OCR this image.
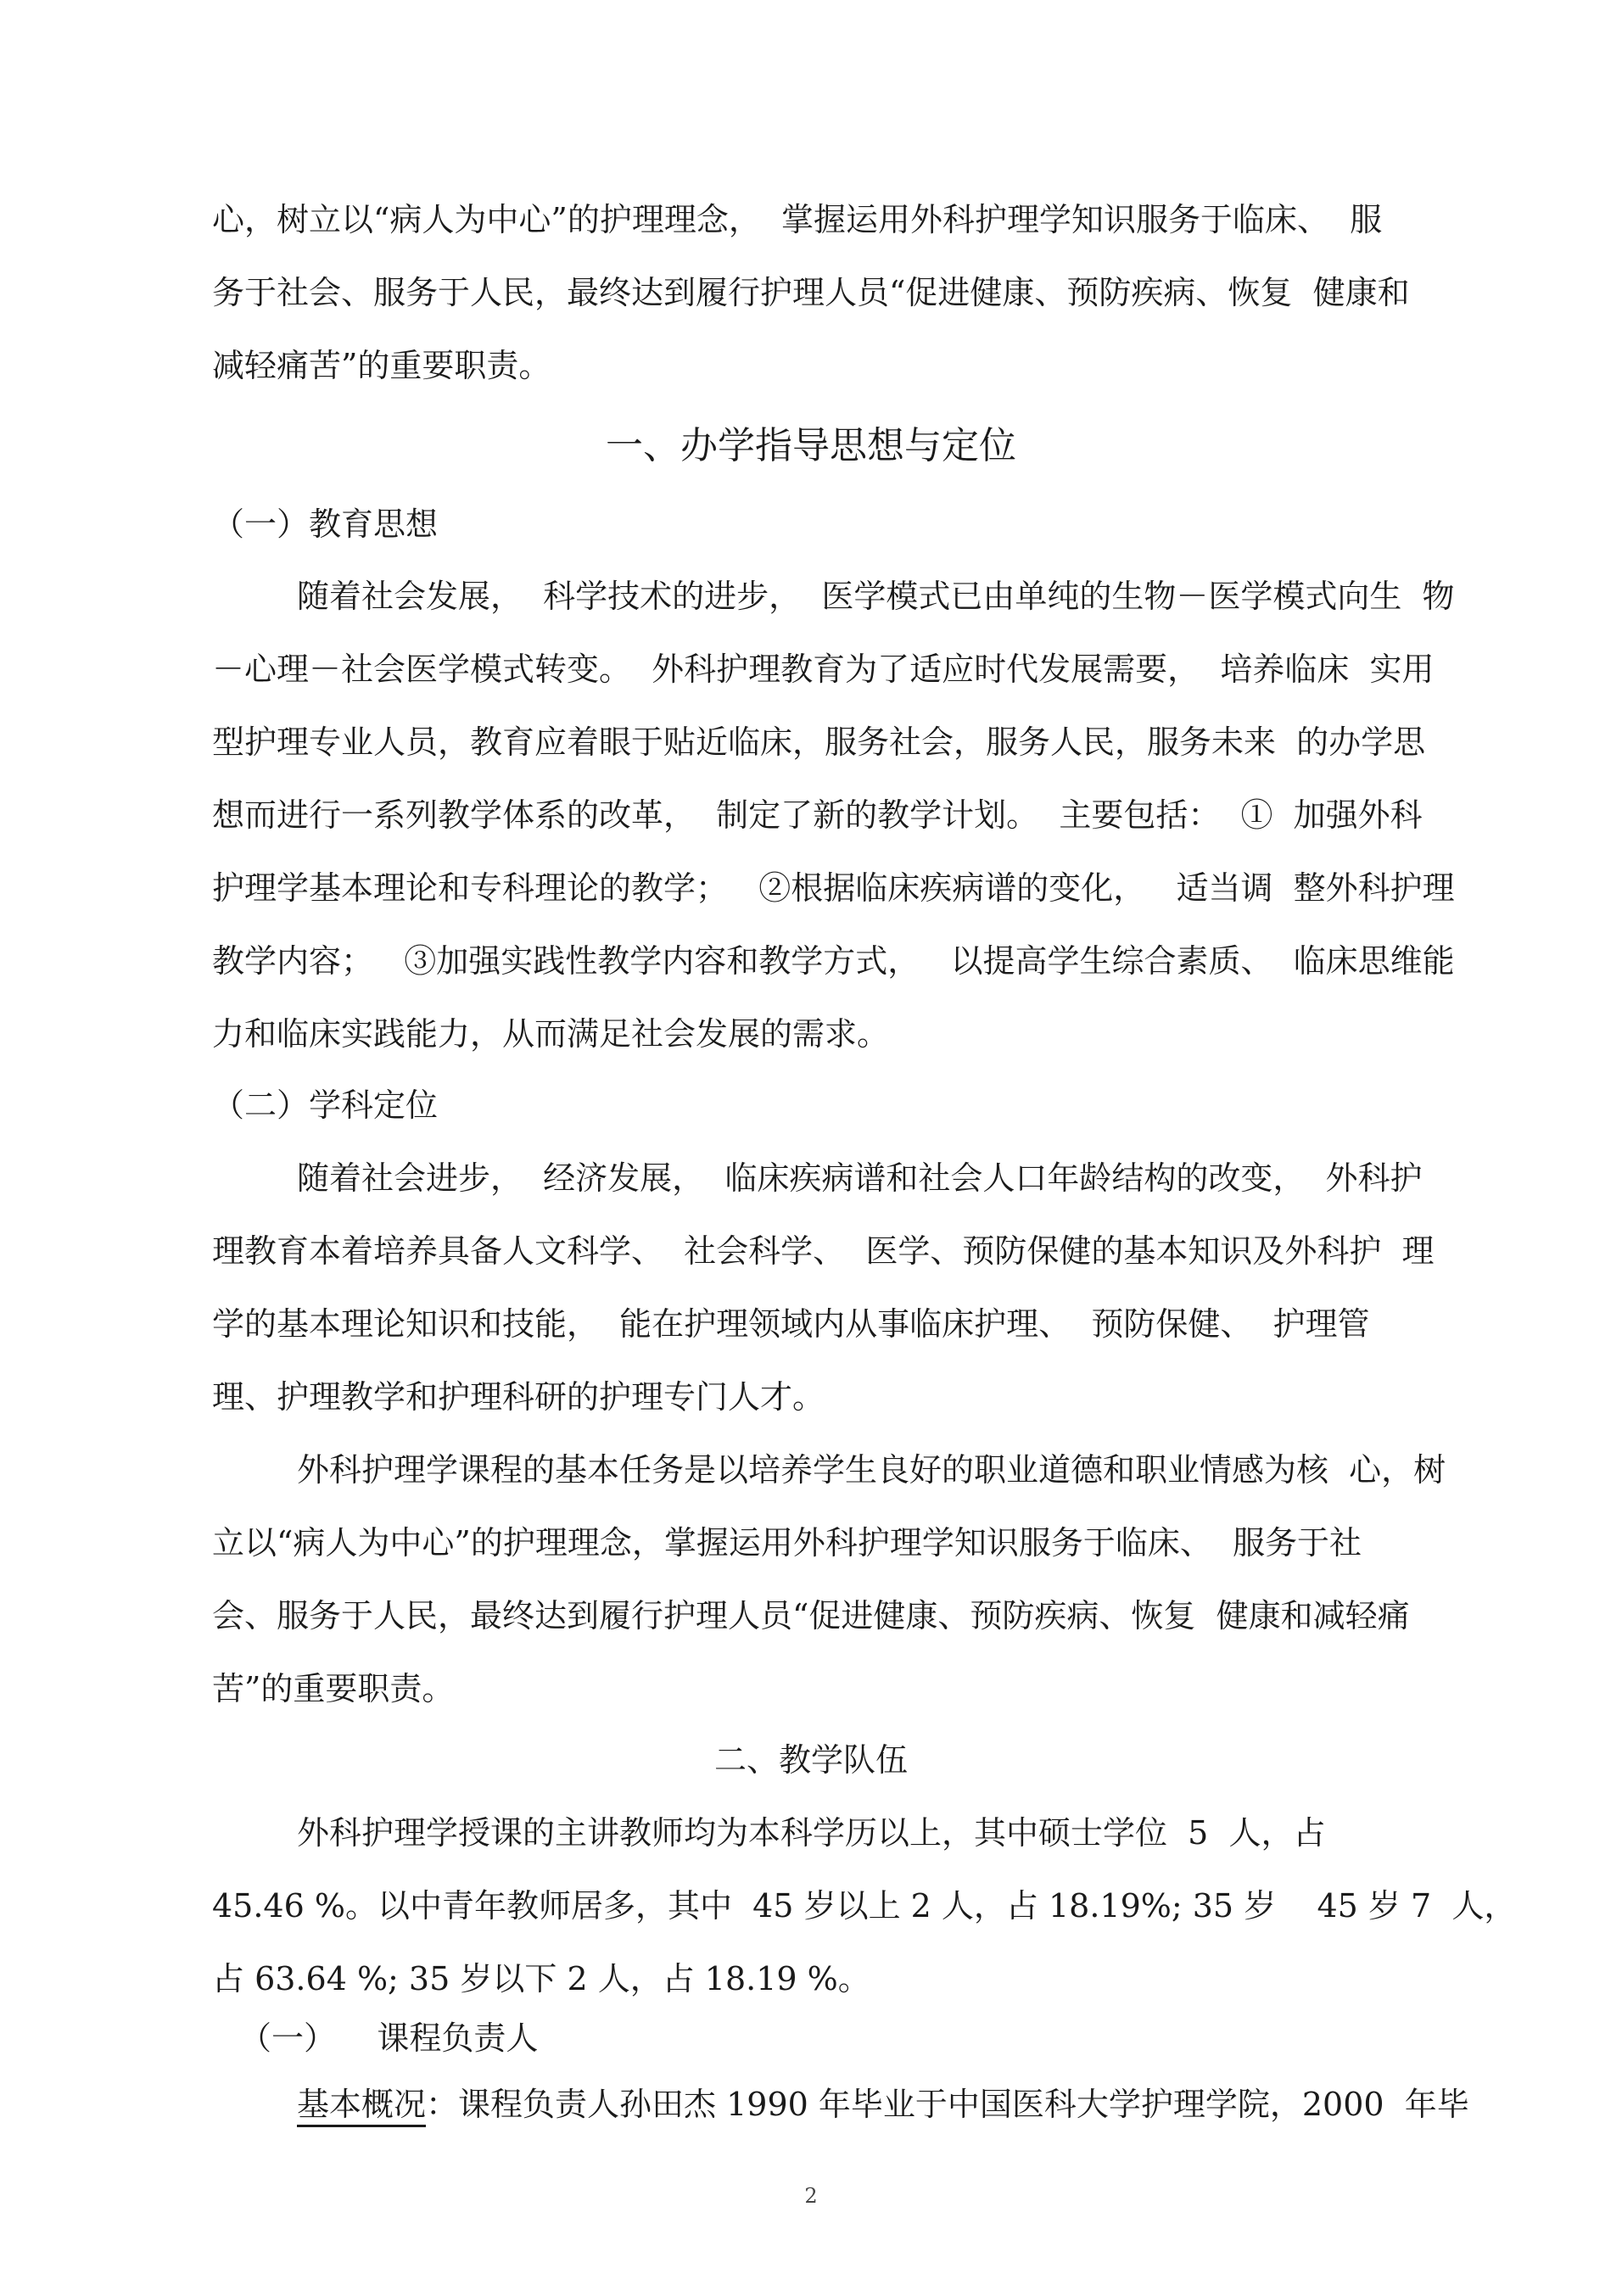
心，树立以“病人为中心”的护理理念，  掌握运用外科护理学知识服务于临床、  服
务于社会、服务于人民，最终达到履行护理人员“促进健康、预防疾病、恢复  健康和
减轻痛苦”的重要职责。
一、办学指导思想与定位
（一）教育思想
随着社会发展，  科学技术的进步，  医学模式已由单纯的生物－医学模式向生  物
－心理－社会医学模式转变。  外科护理教育为了适应时代发展需要，  培养临床  实用
型护理专业人员，教育应着眼于贴近临床，服务社会，服务人民，服务未来  的办学思
想而进行一系列教学体系的改革，  制定了新的教学计划。  主要包括：  ①  加强外科
护理学基本理论和专科理论的教学；   ②根据临床疾病谱的变化，   适当调  整外科护理
教学内容；   ③加强实践性教学内容和教学方式，   以提高学生综合素质、  临床思维能
力和临床实践能力，从而满足社会发展的需求。
（二）学科定位
随着社会进步，  经济发展，  临床疾病谱和社会人口年龄结构的改变，  外科护
理教育本着培养具备人文科学、  社会科学、  医学、预防保健的基本知识及外科护  理
学的基本理论知识和技能，  能在护理领域内从事临床护理、  预防保健、  护理管
理、护理教学和护理科研的护理专门人才。
外科护理学课程的基本任务是以培养学生良好的职业道德和职业情感为核  心，树
立以“病人为中心”的护理理念，掌握运用外科护理学知识服务于临床、  服务于社
会、服务于人民，最终达到履行护理人员“促进健康、预防疾病、恢复  健康和减轻痛
苦”的重要职责。
二、教学队伍
外科护理学授课的主讲教师均为本科学历以上，其中硕士学位  5  人，占
45.46 %。以中青年教师居多，其中  45 岁以上 2 人，占 18.19%; 35 岁    45 岁 7  人，
占 63.64 %; 35 岁以下 2 人，占 18.19 %。
（一）    课程负责人
基本概况：课程负责人孙田杰 1990 年毕业于中国医科大学护理学院，2000  年毕
2
